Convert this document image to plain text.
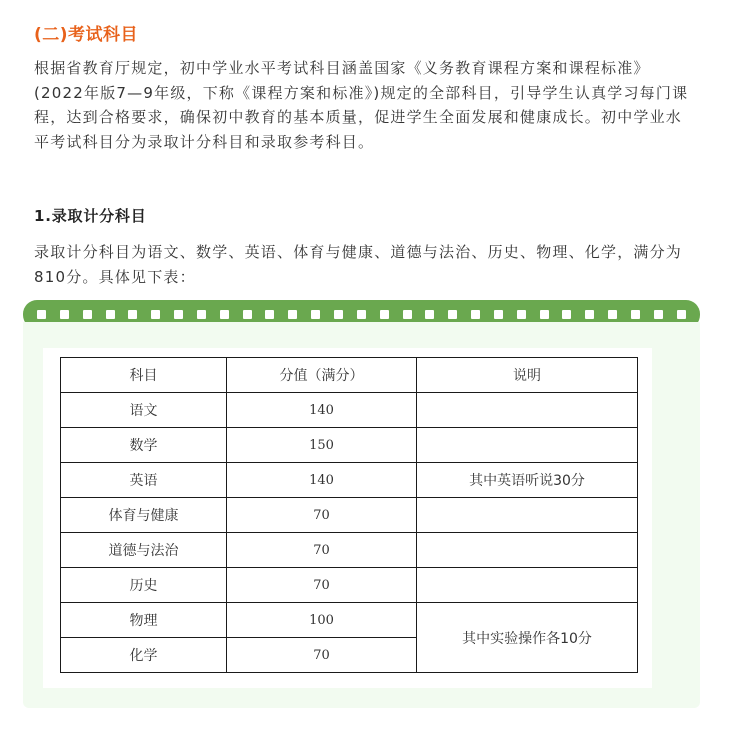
(二)考试科目

根据省教育厅规定，初中学业水平考试科目涵盖国家《义务教育课程方案和课程标准》(2022年版7—9年级，下称《课程方案和标准》)规定的全部科目，引导学生认真学习每门课程，达到合格要求，确保初中教育的基本质量，促进学生全面发展和健康成长。初中学业水平考试科目分为录取计分科目和录取参考科目。

1.录取计分科目

录取计分科目为语文、数学、英语、体育与健康、道德与法治、历史、物理、化学，满分为810分。具体见下表：

科目	分值（满分）	说明
语文	140	
数学	150	
英语	140	其中英语听说30分
体育与健康	70	
道德与法治	70	
历史	70	
物理	100	其中实验操作各10分
化学	70	
